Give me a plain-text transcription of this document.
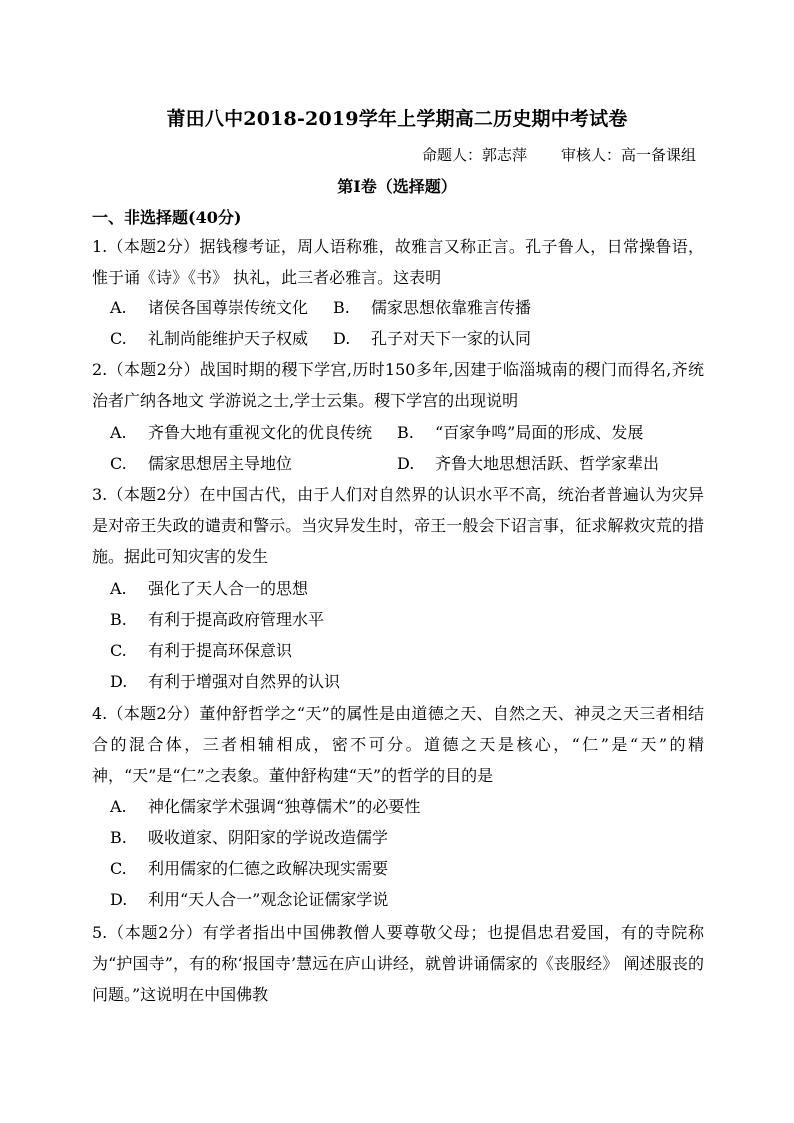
莆田八中2018-2019学年上学期高二历史期中考试卷
命题人：郭志萍 审核人：高一备课组
第Ⅰ卷（选择题）
一、非选择题(40分)
1.（本题2分）据钱穆考证，周人语称雅，故雅言又称正言。孔子鲁人，日常操鲁语，惟于诵《诗》《书》 执礼，此三者必雅言。这表明
A. 诸侯各国尊崇传统文化 B. 儒家思想依靠雅言传播
C. 礼制尚能维护天子权威 D. 孔子对天下一家的认同
2.（本题2分）战国时期的稷下学宫,历时150多年,因建于临淄城南的稷门而得名,齐统治者广纳各地文 学游说之士,学士云集。稷下学宫的出现说明
A. 齐鲁大地有重视文化的优良传统 B. “百家争鸣”局面的形成、发展
C. 儒家思想居主导地位	D. 齐鲁大地思想活跃、哲学家辈出
3.（本题2分）在中国古代，由于人们对自然界的认识水平不高，统治者普遍认为灾异是对帝王失政的谴责和警示。当灾异发生时，帝王一般会下诏言事，征求解救灾荒的措施。据此可知灾害的发生
A. 强化了天人合一的思想
B. 有利于提高政府管理水平
C. 有利于提高环保意识
D. 有利于增强对自然界的认识
4.（本题2分）董仲舒哲学之“天”的属性是由道德之天、自然之天、神灵之天三者相结合的混合体，三者相辅相成，密不可分。道德之天是核心，“仁”是“天”的精神，“天”是“仁”之表象。董仲舒构建“天”的哲学的目的是
A. 神化儒家学术强调“独尊儒术”的必要性
B. 吸收道家、阴阳家的学说改造儒学
C. 利用儒家的仁德之政解决现实需要
D. 利用“天人合一”观念论证儒家学说
5.（本题2分）有学者指出中国佛教僧人要尊敬父母；也提倡忠君爱国，有的寺院称为“护国寺”，有的称‘报国寺’慧远在庐山讲经，就曾讲诵儒家的《丧服经》 阐述服丧的问题。”这说明在中国佛教
